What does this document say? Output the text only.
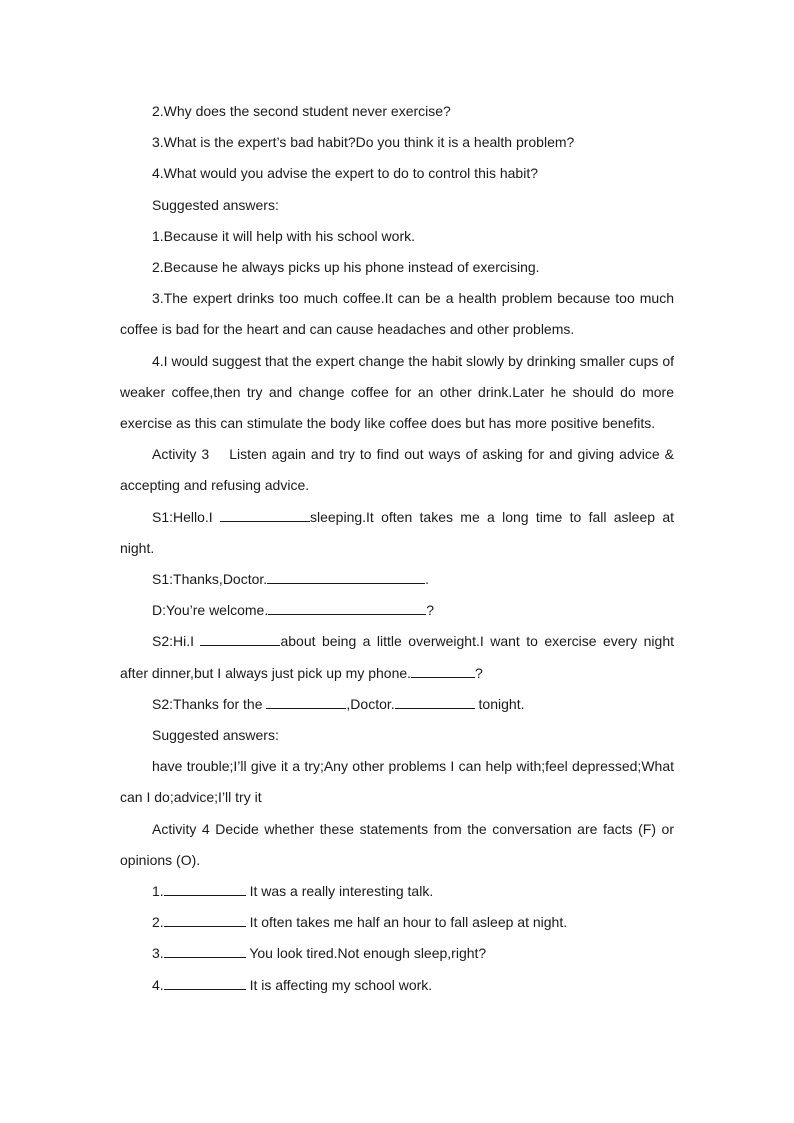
2.Why does the second student never exercise?

3.What is the expert’s bad habit?Do you think it is a health problem?

4.What would you advise the expert to do to control this habit?

Suggested answers:

1.Because it will help with his school work.

2.Because he always picks up his phone instead of exercising.

3.The expert drinks too much coffee.It can be a health problem because too much coffee is bad for the heart and can cause headaches and other problems.

4.I would suggest that the expert change the habit slowly by drinking smaller cups of weaker coffee,then try and change coffee for an other drink.Later he should do more exercise as this can stimulate the body like coffee does but has more positive benefits.

Activity 3    Listen again and try to find out ways of asking for and giving advice & accepting and refusing advice.

S1:Hello.I	sleeping.It often takes me a long time to fall asleep at night.

S1:Thanks,Doctor.	.

D:You’re welcome.	?

S2:Hi.I	about being a little overweight.I want to exercise every night after dinner,but I always just pick up my phone.	?

S2:Thanks for the	,Doctor.	tonight.

Suggested answers:

have trouble;I’ll give it a try;Any other problems I can help with;feel depressed;What can I do;advice;I’ll try it

Activity 4 Decide whether these statements from the conversation are facts (F) or opinions (O).

1.	It was a really interesting talk.

2.	It often takes me half an hour to fall asleep at night.

3.	You look tired.Not enough sleep,right?

4.	It is affecting my school work.
